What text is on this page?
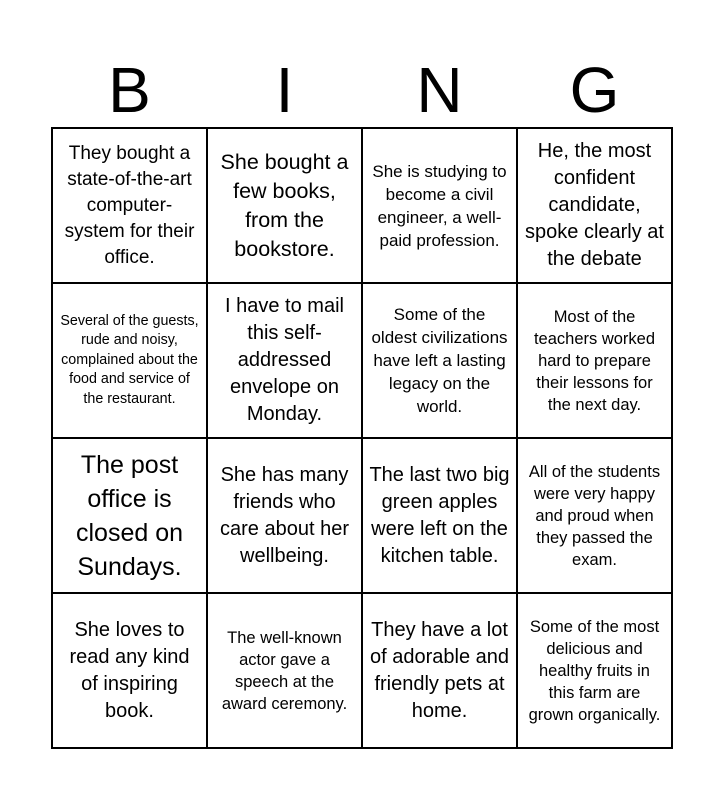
B	I	N	G
They bought a state-of-the-art computer-system for their office.
She bought a few books, from the bookstore.
She is studying to become a civil engineer, a well-paid profession.
He, the most confident candidate, spoke clearly at the debate
Several of the guests, rude and noisy, complained about the food and service of the restaurant.
I have to mail this self-addressed envelope on Monday.
Some of the oldest civilizations have left a lasting legacy on the world.
Most of the teachers worked hard to prepare their lessons for the next day.
The post office is closed on Sundays.
She has many friends who care about her wellbeing.
The last two big green apples were left on the kitchen table.
All of the students were very happy and proud when they passed the exam.
She loves to read any kind of inspiring book.
The well-known actor gave a speech at the award ceremony.
They have a lot of adorable and friendly pets at home.
Some of the most delicious and healthy fruits in this farm are grown organically.
